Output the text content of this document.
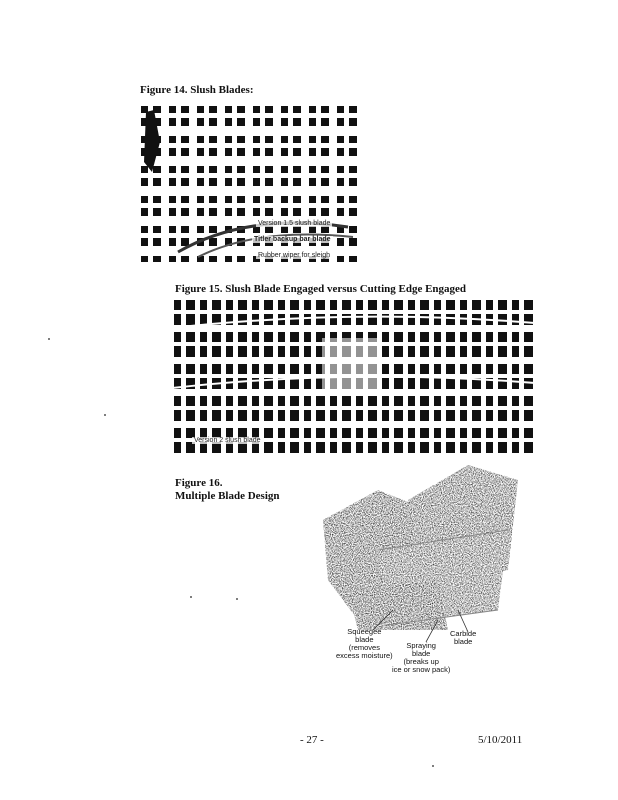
Figure 14. Slush Blades:
Version 1.5 slush blade
Titler backup bar blade
Rubber wiper for sleigh
Figure 15. Slush Blade Engaged versus Cutting Edge Engaged
Version 2 slush blade
Figure 16.
Multiple Blade Design
Squeegee
blade
(removes
excess moisture)
Spraying
blade
(breaks up
ice or snow pack)
Carbide
blade
- 27 -	5/10/2011
